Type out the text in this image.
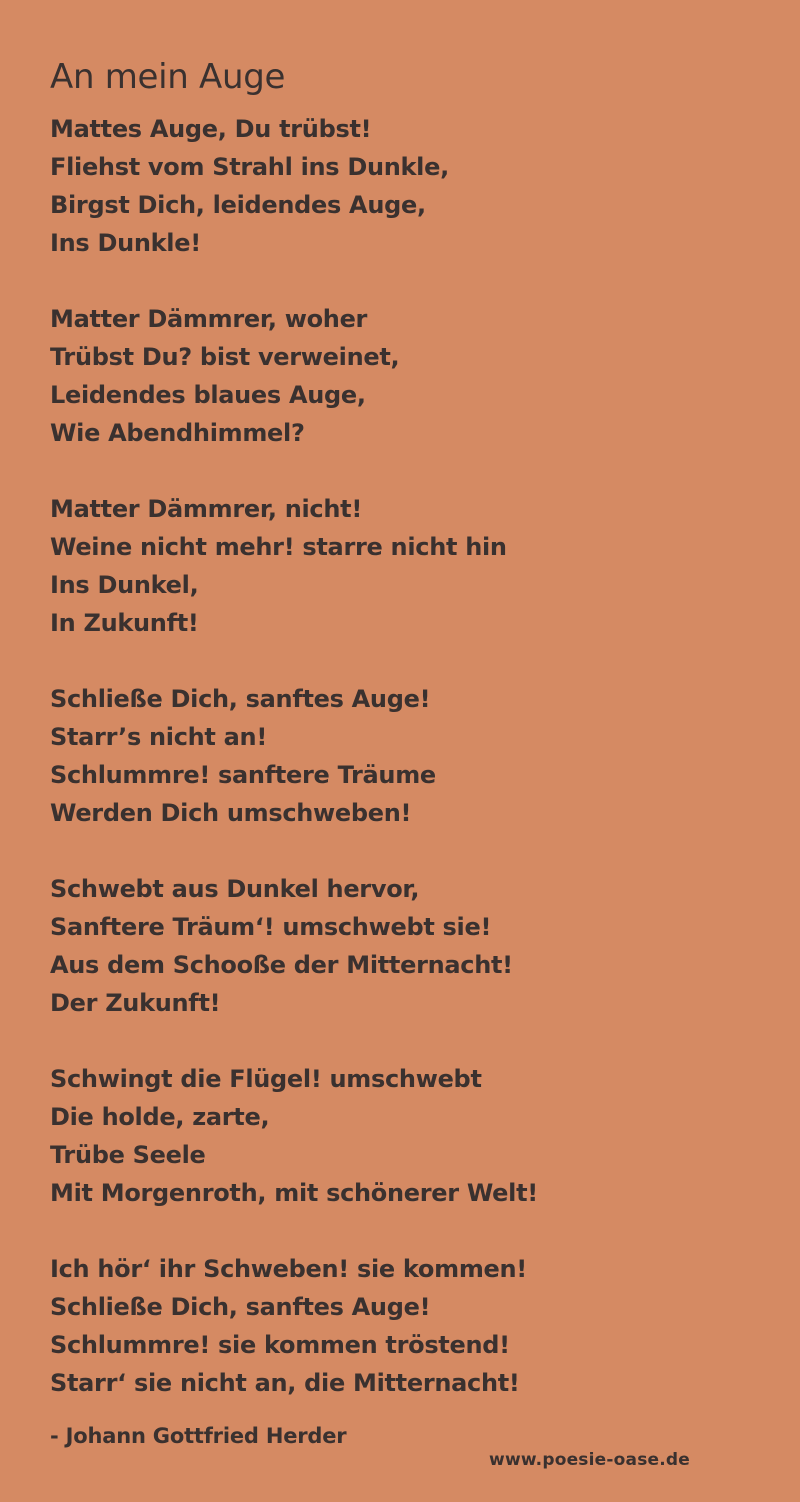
An mein Auge
Mattes Auge, Du trübst!
Fliehst vom Strahl ins Dunkle,
Birgst Dich, leidendes Auge,
Ins Dunkle!
Matter Dämmrer, woher
Trübst Du? bist verweinet,
Leidendes blaues Auge,
Wie Abendhimmel?
Matter Dämmrer, nicht!
Weine nicht mehr! starre nicht hin
Ins Dunkel,
In Zukunft!
Schließe Dich, sanftes Auge!
Starr’s nicht an!
Schlummre! sanftere Träume
Werden Dich umschweben!
Schwebt aus Dunkel hervor,
Sanftere Träum‘! umschwebt sie!
Aus dem Schooße der Mitternacht!
Der Zukunft!
Schwingt die Flügel! umschwebt
Die holde, zarte,
Trübe Seele
Mit Morgenroth, mit schönerer Welt!
Ich hör‘ ihr Schweben! sie kommen!
Schließe Dich, sanftes Auge!
Schlummre! sie kommen tröstend!
Starr‘ sie nicht an, die Mitternacht!
- Johann Gottfried Herder
www.poesie-oase.de
